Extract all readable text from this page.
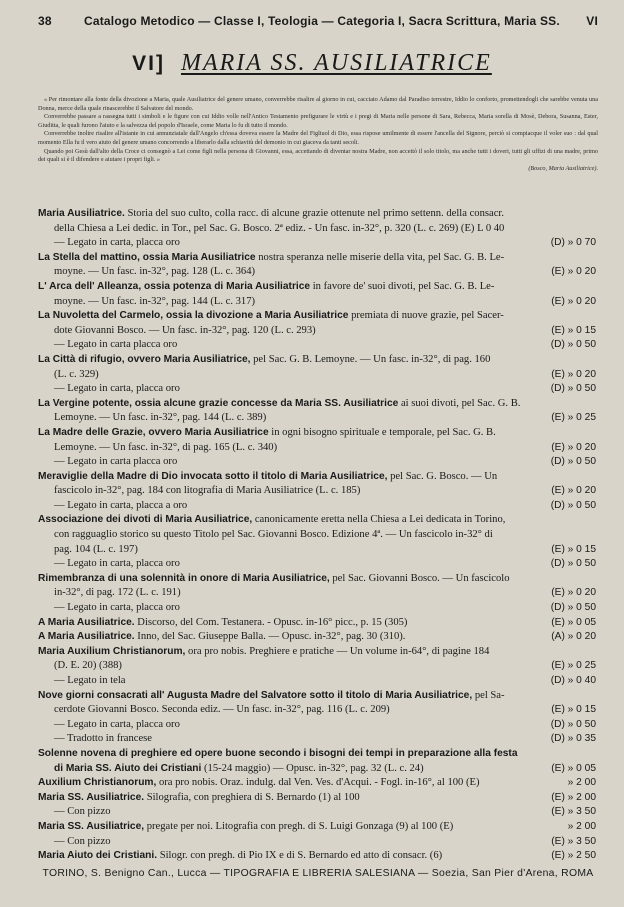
38	Catalogo Metodico — Classe I, Teologia — Categoria I, Sacra Scrittura, Maria SS. VI
VI] MARIA SS. AUSILIATRICE

« Per rimontare alla fonte della divozione a Maria, quale Ausiliatrice del genere umano, converrebbe risalire al giorno in cui, cacciato Adamo dal Paradiso terrestre, Iddio lo conforto, promettendogli che sarebbe venuta una Donna, merce della quale rinascerebbe il Salvatore del mondo.

Converrebbe passare a rassegna tutti i simboli e le figure con cui Iddio volle nell'Antico Testamento prefigurare le virtù e i pregi di Maria nelle persone di Sara, Rebecca, Maria sorella di Mosè, Debora, Susanna, Ester, Giuditta, le quali furono l'aiuto e la salvezza del popolo d'Israele, come Maria lo fu di tutto il mondo.

Converrebbe inoltre risalire all'istante in cui annunziatale dall'Angelo ch'essa doveva essere la Madre del Figliuol di Dio, essa rispose umilmente di essere l'ancella del Signore, perciò si compiacque il voler suo : dal qual momento Ella fu il vero aiuto del genere umano concorrendo a liberarlo dalla schiavitù del demonio in cui giaceva da tanti secoli.

Quando poi Gesù dall'alto della Croce ci consegnò a Lei come figli nella persona di Giovanni, essa, accettando di diventar nostra Madre, non accettò il solo titolo, ma anche tutti i doveri, tutti gli uffizi di una madre, primo dei quali si è il difendere e aiutare i propri figli. »

(Bosco, Maria Ausiliatrice).
Maria Ausiliatrice. Storia del suo culto, colla racc. di alcune grazie ottenute nel primo settenn. della consacr.
della Chiesa a Lei dedic. in Tor., pel Sac. G. Bosco. 2ª ediz. - Un fasc. in-32°, p. 320 (L. c. 269) (E) L 0 40
— Legato in carta, placca oro	(D) » 0 70
La Stella del mattino, ossia Maria Ausiliatrice nostra speranza nelle miserie della vita, pel Sac. G. B. Le-
moyne. — Un fasc. in-32°, pag. 128 (L. c. 364)	(E) » 0 20
L' Arca dell' Alleanza, ossia potenza di Maria Ausiliatrice in favore de' suoi divoti, pel Sac. G. B. Le-
moyne. — Un fasc. in-32°, pag. 144 (L. c. 317)	(E) » 0 20
La Nuvoletta del Carmelo, ossia la divozione a Maria Ausiliatrice premiata di nuove grazie, pel Sacer-
dote Giovanni Bosco. — Un fasc. in-32°, pag. 120 (L. c. 293)	(E) » 0 15
— Legato in carta placca oro	(D) » 0 50
La Città di rifugio, ovvero Maria Ausiliatrice, pel Sac. G. B. Lemoyne. — Un fasc. in-32°, di pag. 160
(L. c. 329)	(E) » 0 20
— Legato in carta, placca oro	(D) » 0 50
La Vergine potente, ossia alcune grazie concesse da Maria SS. Ausiliatrice ai suoi divoti, pel Sac. G. B.
Lemoyne. — Un fasc. in-32°, pag. 144 (L. c. 389)	(E) » 0 25
La Madre delle Grazie, ovvero Maria Ausiliatrice in ogni bisogno spirituale e temporale, pel Sac. G. B.
Lemoyne. — Un fasc. in-32°, di pag. 165 (L. c. 340)	(E) » 0 20
— Legato in carta placca oro	(D) » 0 50
Meraviglie della Madre di Dio invocata sotto il titolo di Maria Ausiliatrice, pel Sac. G. Bosco. — Un
fascicolo in-32°, pag. 184 con litografia di Maria Ausiliatrice (L. c. 185)	(E) » 0 20
— Legato in carta, placca a oro	(D) » 0 50
Associazione dei divoti di Maria Ausiliatrice, canonicamente eretta nella Chiesa a Lei dedicata in Torino,
con ragguaglio storico su questo Titolo pel Sac. Giovanni Bosco. Edizione 4ª. — Un fascicolo in-32° di
pag. 104 (L. c. 197)	(E) » 0 15
— Legato in carta, placca oro	(D) » 0 50
Rimembranza di una solennità in onore di Maria Ausiliatrice, pel Sac. Giovanni Bosco. — Un fascicolo
in-32°, di pag. 172 (L. c. 191)	(E) » 0 20
— Legato in carta, placca oro	(D) » 0 50
A Maria Ausiliatrice. Discorso, del Com. Testanera. - Opusc. in-16° picc., p. 15 (305)	(E) » 0 05
A Maria Ausiliatrice. Inno, del Sac. Giuseppe Balla. — Opusc. in-32°, pag. 30 (310).	(A) » 0 20
Maria Auxilium Christianorum, ora pro nobis. Preghiere e pratiche — Un volume in-64°, di pagine 184
(D. E. 20) (388)	(E) » 0 25
— Legato in tela	(D) » 0 40
Nove giorni consacrati all' Augusta Madre del Salvatore sotto il titolo di Maria Ausiliatrice, pel Sa-
cerdote Giovanni Bosco. Seconda ediz. — Un fasc. in-32°, pag. 116 (L. c. 209)	(E) » 0 15
— Legato in carta, placca oro	(D) » 0 50
— Tradotto in francese	(D) » 0 35
Solenne novena di preghiere ed opere buone secondo i bisogni dei tempi in preparazione alla festa
di Maria SS. Aiuto dei Cristiani (15-24 maggio) — Opusc. in-32°, pag. 32 (L. c. 24)	(E) » 0 05
Auxilium Christianorum, ora pro nobis. Oraz. indulg. dal Ven. Ves. d'Acqui. - Fogl. in-16°, al 100 (E)	» 2 00
Maria SS. Ausiliatrice. Silografia, con preghiera di S. Bernardo (1) al 100	(E) » 2 00
— Con pizzo	(E) » 3 50
Maria SS. Ausiliatrice, pregate per noi. Litografia con pregh. di S. Luigi Gonzaga (9) al 100 (E)	» 2 00
— Con pizzo	(E) » 3 50
Maria Aiuto dei Cristiani. Silogr. con pregh. di Pio IX e di S. Bernardo ed atto di consacr. (6)	(E) » 2 50
TORINO, S. Benigno Can., Lucca — TIPOGRAFIA E LIBRERIA SALESIANA — Soezia, San Pier d'Arena, ROMA
